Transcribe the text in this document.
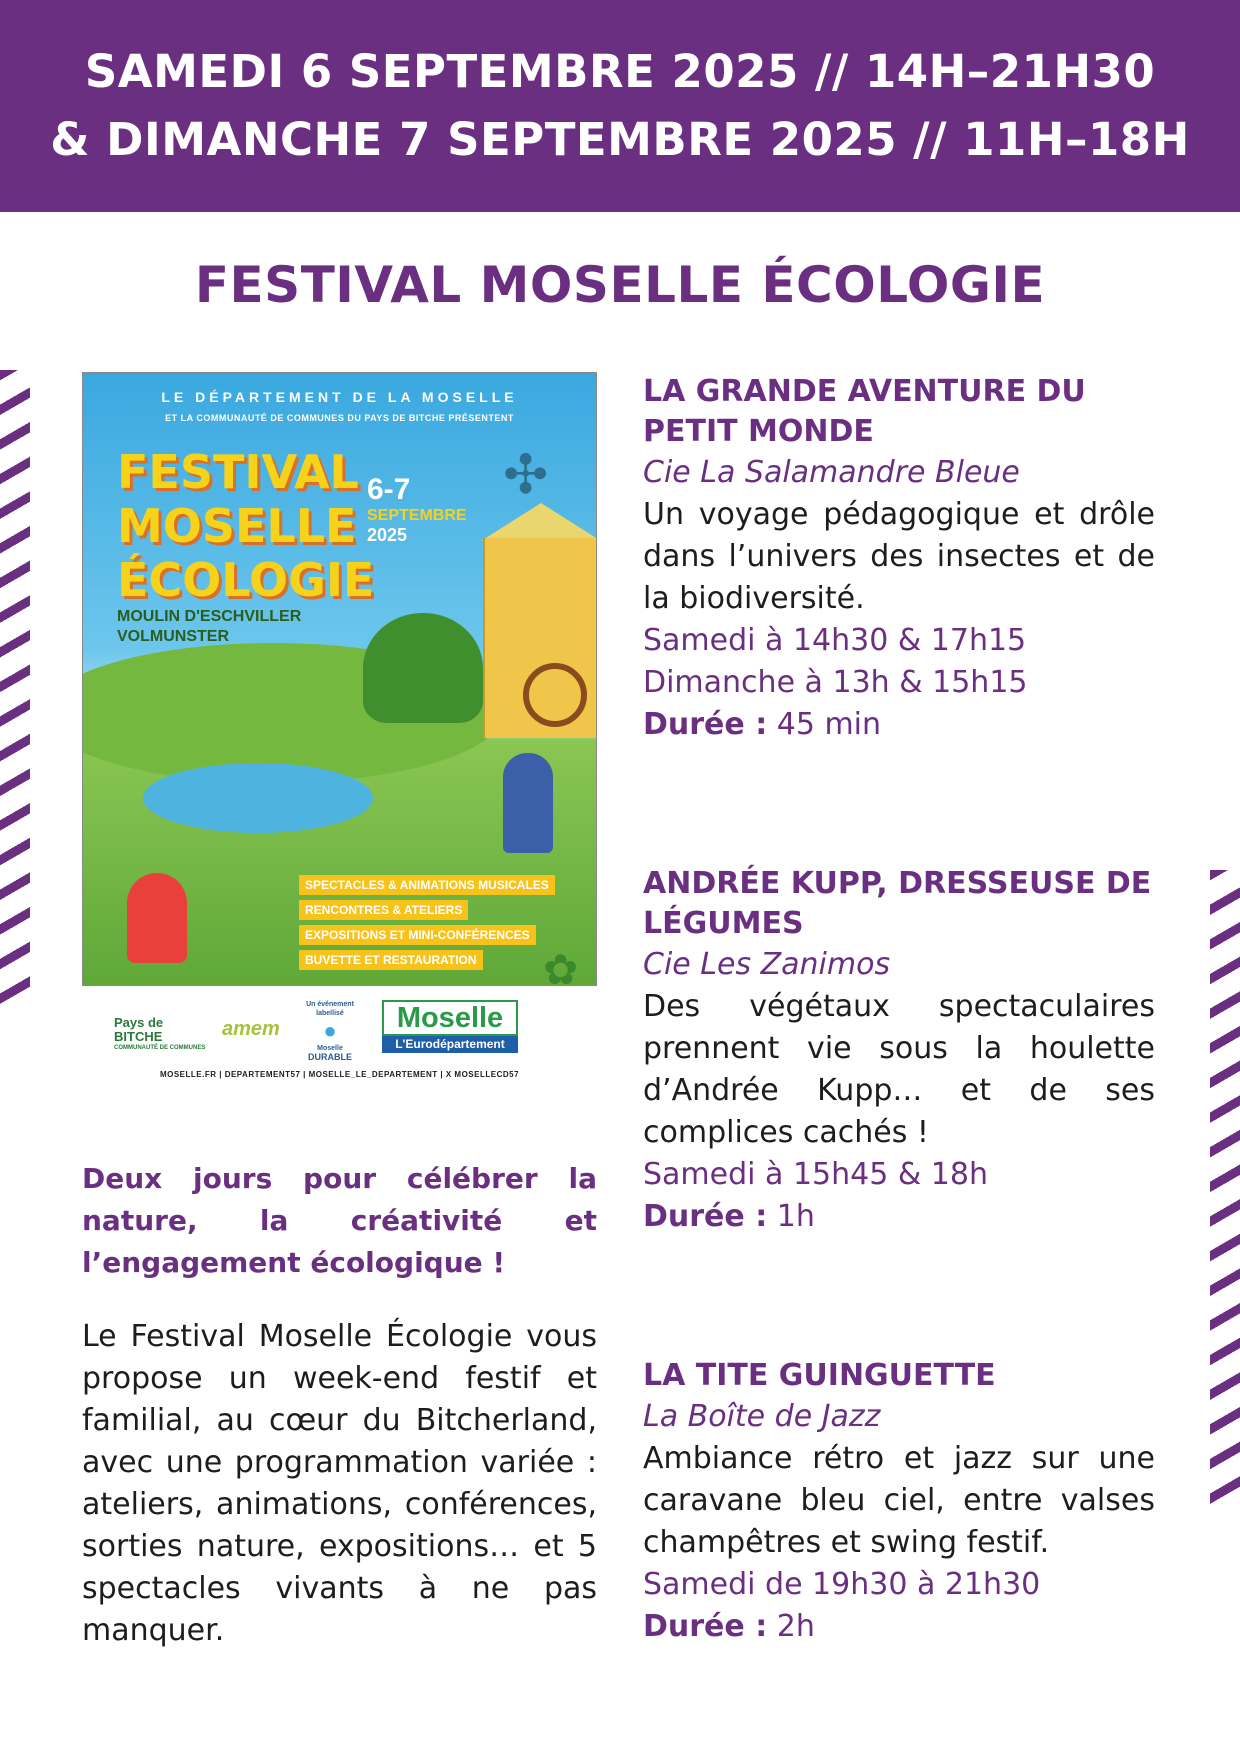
SAMEDI 6 SEPTEMBRE 2025 // 14H–21H30
& DIMANCHE 7 SEPTEMBRE 2025 // 11H–18H
FESTIVAL MOSELLE ÉCOLOGIE
✣
✿
LE DÉPARTEMENT DE LA MOSELLE
ET LA COMMUNAUTÉ DE COMMUNES DU PAYS DE BITCHE PRÉSENTENT
FESTIVAL
MOSELLE
ÉCOLOGIE
6-7
SEPTEMBRE
2025
MOULIN D'ESCHVILLER
VOLMUNSTER
SPECTACLES & ANIMATIONS MUSICALES
RENCONTRES & ATELIERS
EXPOSITIONS ET MINI-CONFÉRENCES
BUVETTE ET RESTAURATION
Pays de
BITCHE
COMMUNAUTÉ DE COMMUNES
amem
Un événement labellisé
●
Moselle
DURABLE
Moselle
L'Eurodépartement
MOSELLE.FR | DEPARTEMENT57 | MOSELLE_LE_DEPARTEMENT | X MOSELLECD57

Deux jours pour célébrer la nature, la créativité et l’engagement écologique !

Le Festival Moselle Écologie vous propose un week-end festif et familial, au cœur du Bitcherland, avec une programmation variée : ateliers, animations, conférences, sorties nature, expositions… et 5 spectacles vivants à ne pas manquer.

LA GRANDE AVENTURE DU PETIT MONDE
Cie La Salamandre Bleue
Un voyage pédagogique et drôle dans l’univers des insectes et de la biodiversité.
Samedi à 14h30 & 17h15
Dimanche à 13h & 15h15
Durée : 45 min
ANDRÉE KUPP, DRESSEUSE DE LÉGUMES
Cie Les Zanimos
Des végétaux spectaculaires prennent vie sous la houlette d’Andrée Kupp… et de ses complices cachés !
Samedi à 15h45 & 18h
Durée : 1h
LA TITE GUINGUETTE
La Boîte de Jazz
Ambiance rétro et jazz sur une caravane bleu ciel, entre valses champêtres et swing festif.
Samedi de 19h30 à 21h30
Durée : 2h
